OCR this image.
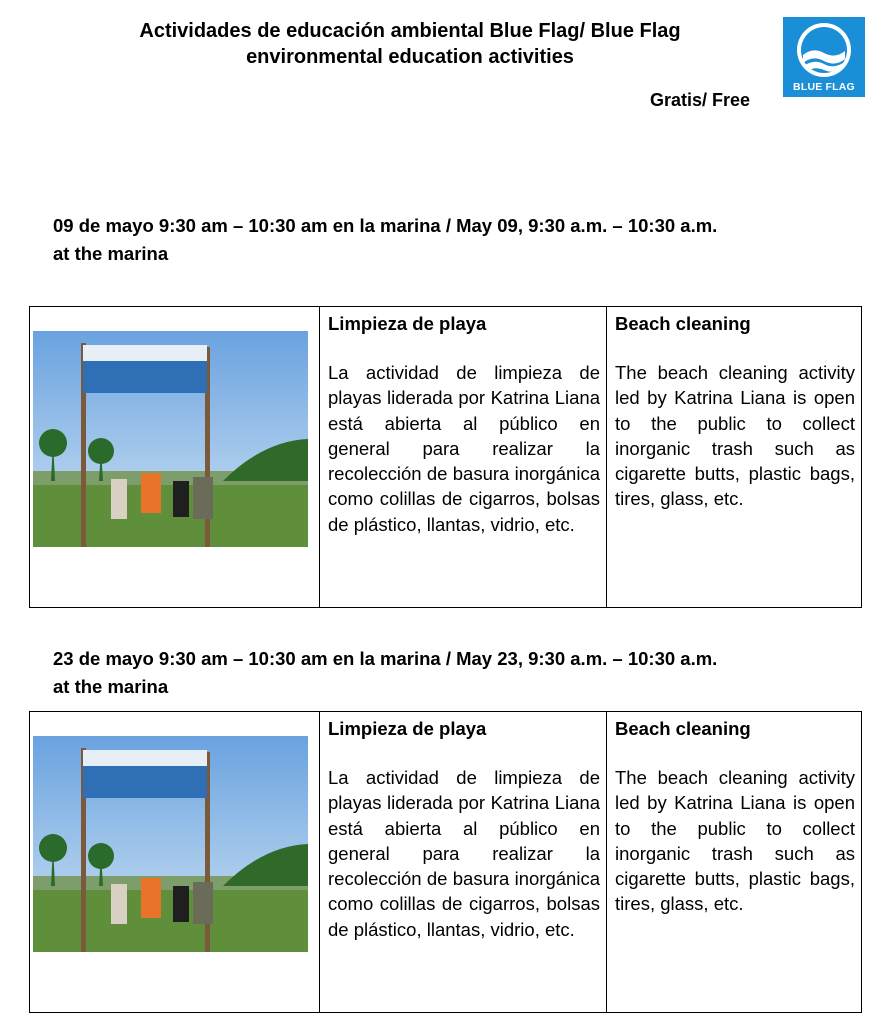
Actividades de educación ambiental Blue Flag/ Blue Flag
environmental education activities
Gratis/ Free
BLUE FLAG
09 de mayo 9:30 am – 10:30 am en la marina / May 09, 9:30 a.m. – 10:30 a.m.
at the marina
Limpieza de playa
La actividad de limpieza de playas liderada por Katrina Liana está abierta al público en general para realizar la recolección de basura inorgánica como colillas de cigarros, bolsas de plástico, llantas, vidrio, etc.
Beach cleaning
The beach cleaning activity led by Katrina Liana is open to the public to collect inorganic trash such as cigarette butts, plastic bags, tires, glass, etc.
23 de mayo 9:30 am – 10:30 am en la marina / May 23, 9:30 a.m. – 10:30 a.m.
at the marina
Limpieza de playa
La actividad de limpieza de playas liderada por Katrina Liana está abierta al público en general para realizar la recolección de basura inorgánica como colillas de cigarros, bolsas de plástico, llantas, vidrio, etc.
Beach cleaning
The beach cleaning activity led by Katrina Liana is open to the public to collect inorganic trash such as cigarette butts, plastic bags, tires, glass, etc.
